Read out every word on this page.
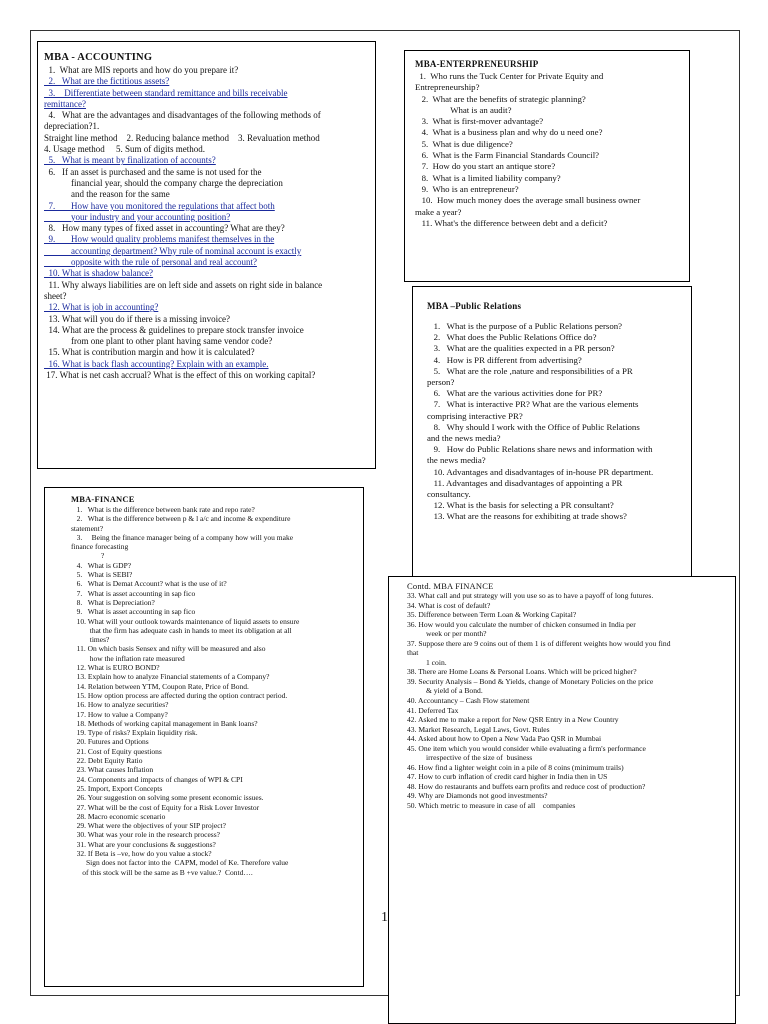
1
MBA - ACCOUNTING

1.  What are MIS reports and how do you prepare it?

2.   What are the fictitious assets?

3.    Differentiate between standard remittance and bills receivable
remittance?

4.   What are the advantages and disadvantages of the following methods of
depreciation?1.

Straight line method    2. Reducing balance method    3. Revaluation method
4. Usage method     5. Sum of digits method.

5.   What is meant by finalization of accounts?

6.   If an asset is purchased and the same is not used for the
financial year, should the company charge the depreciation
and the reason for the same

7.       How have you monitored the regulations that affect both
your industry and your accounting position?

8.   How many types of fixed asset in accounting? What are they?

9.       How would quality problems manifest themselves in the
accounting department? Why rule of nominal account is exactly
opposite with the rule of personal and real account?

10. What is shadow balance?

11. Why always liabilities are on left side and assets on right side in balance
sheet?

12. What is job in accounting?

13. What will you do if there is a missing invoice?

14. What are the process & guidelines to prepare stock transfer invoice
from one plant to other plant having same vendor code?

15. What is contribution margin and how it is calculated?

16. What is back flash accounting? Explain with an example.

17. What is net cash accrual? What is the effect of this on working capital?

MBA-ENTERPRENEURSHIP

1.  Who runs the Tuck Center for Private Equity and
Entrepreneurship?

2.  What are the benefits of strategic planning?
What is an audit?

3.  What is first-mover advantage?

4.  What is a business plan and why do u need one?

5.  What is due diligence?

6.  What is the Farm Financial Standards Council?

7.  How do you start an antique store?

8.  What is a limited liability company?

9.  Who is an entrepreneur?

10.  How much money does the average small business owner
make a year?

11. What's the difference between debt and a deficit?

MBA –Public Relations

1.   What is the purpose of a Public Relations person?

2.   What does the Public Relations Office do?

3.   What are the qualities expected in a PR person?

4.   How is PR different from advertising?

5.   What are the role ,nature and responsibilities of a PR
person?

6.   What are the various activities done for PR?

7.   What is interactive PR? What are the various elements
comprising interactive PR?

8.   Why should I work with the Office of Public Relations
and the news media?

9.   How do Public Relations share news and information with
the news media?

10. Advantages and disadvantages of in-house PR department.

11. Advantages and disadvantages of appointing a PR
consultancy.

12. What is the basis for selecting a PR consultant?

13. What are the reasons for exhibiting at trade shows?

MBA-FINANCE

1.   What is the difference between bank rate and repo rate?

2.   What is the difference between p & l a/c and income & expenditure
statement?

3.     Being the finance manager being of a company how will you make
finance forecasting
?

4.   What is GDP?

5.   What is SEBI?

6.   What is Demat Account? what is the use of it?

7.   What is asset accounting in sap fico

8.   What is Depreciation?

9.   What is asset accounting in sap fico

10. What will your outlook towards maintenance of liquid assets to ensure
that the firm has adequate cash in hands to meet its obligation at all
times?

11. On which basis Sensex and nifty will be measured and also
how the inflation rate measured

12. What is EURO BOND?

13. Explain how to analyze Financial statements of a Company?

14. Relation between YTM, Coupon Rate, Price of Bond.

15. How option process are affected during the option contract period.

16. How to analyze securities?

17. How to value a Company?

18. Methods of working capital management in Bank loans?

19. Type of risks? Explain liquidity risk.

20. Futures and Options

21. Cost of Equity questions

22. Debt Equity Ratio

23. What causes Inflation

24. Components and impacts of changes of WPI & CPI

25. Import, Export Concepts

26. Your suggestion on solving some present economic issues.

27. What will be the cost of Equity for a Risk Lover Investor

28. Macro economic scenario

29. What were the objectives of your SIP project?

30. What was your role in the research process?

31. What are your conclusions & suggestions?

32. If Beta is –ve, how do you value a stock?
Sign does not factor into the  CAPM, model of Ke. Therefore value
of this stock will be the same as B +ve value.?  Contd….

Contd. MBA FINANCE

33. What call and put strategy will you use so as to have a payoff of long futures.

34. What is cost of default?

35. Difference between Term Loan & Working Capital?

36. How would you calculate the number of chicken consumed in India per
week or per month?

37. Suppose there are 9 coins out of them 1 is of different weights how would you find
that
1 coin.

38. There are Home Loans & Personal Loans. Which will be priced higher?

39. Security Analysis – Bond & Yields, change of Monetary Policies on the price
& yield of a Bond.

40. Accountancy – Cash Flow statement

41. Deferred Tax

42. Asked me to make a report for New QSR Entry in a New Country

43. Market Research, Legal Laws, Govt. Rules

44. Asked about how to Open a New Vada Pao QSR in Mumbai

45. One item which you would consider while evaluating a firm's performance
irrespective of the size of  business

46. How find a lighter weight coin in a pile of 8 coins (minimum trails)

47. How to curb inflation of credit card higher in India then in US

48. How do restaurants and buffets earn profits and reduce cost of production?

49. Why are Diamonds not good investments?

50. Which metric to measure in case of all    companies
